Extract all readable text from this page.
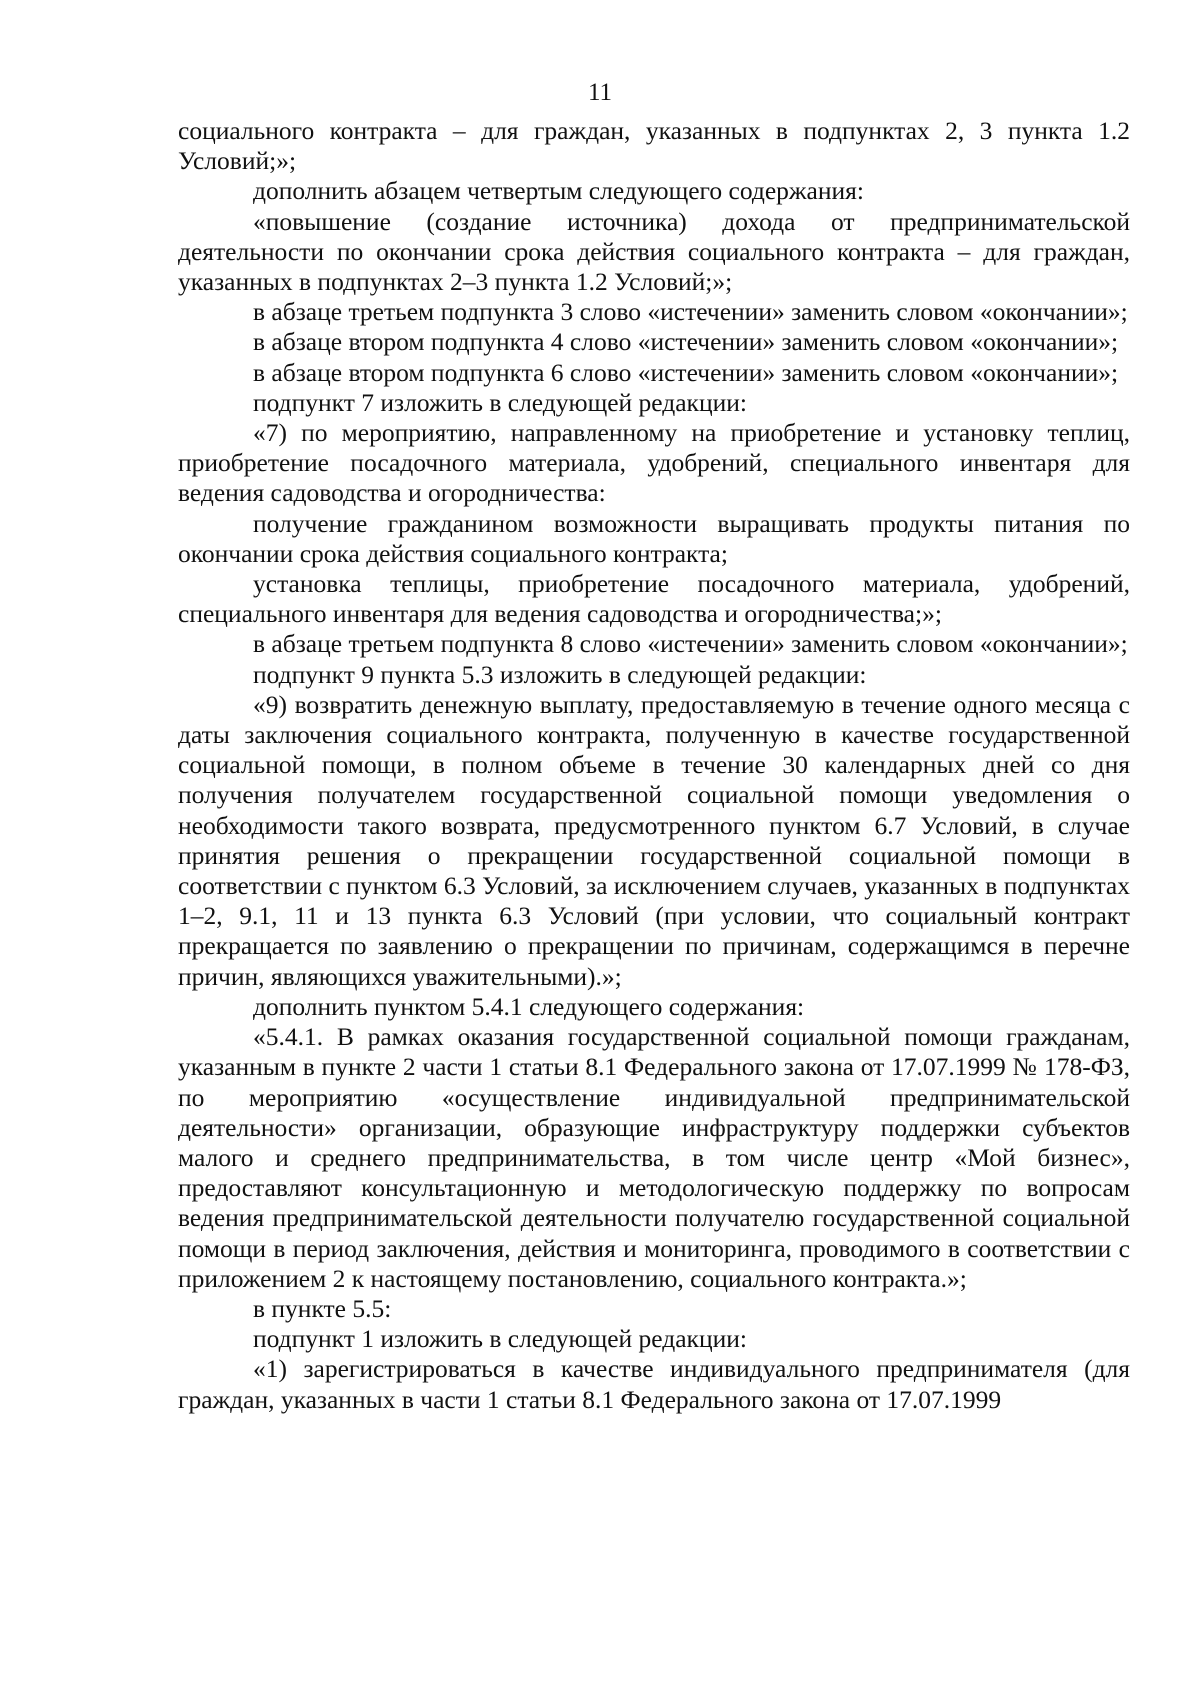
11

социального контракта – для граждан, указанных в подпунктах 2, 3 пункта 1.2 Условий;»;

дополнить абзацем четвертым следующего содержания:

«повышение (создание источника) дохода от предпринимательской деятельности по окончании срока действия социального контракта – для граждан, указанных в подпунктах 2–3 пункта 1.2 Условий;»;

в абзаце третьем подпункта 3 слово «истечении» заменить словом «окончании»;

в абзаце втором подпункта 4 слово «истечении» заменить словом «окончании»;

в абзаце втором подпункта 6 слово «истечении» заменить словом «окончании»;

подпункт 7 изложить в следующей редакции:

«7) по мероприятию, направленному на приобретение и установку теплиц, приобретение посадочного материала, удобрений, специального инвентаря для ведения садоводства и огородничества:

получение гражданином возможности выращивать продукты питания по окончании срока действия социального контракта;

установка теплицы, приобретение посадочного материала, удобрений, специального инвентаря для ведения садоводства и огородничества;»;

в абзаце третьем подпункта 8 слово «истечении» заменить словом «окончании»;

подпункт 9 пункта 5.3 изложить в следующей редакции:

«9) возвратить денежную выплату, предоставляемую в течение одного месяца с даты заключения социального контракта, полученную в качестве государственной социальной помощи, в полном объеме в течение 30 календарных дней со дня получения получателем государственной социальной помощи уведомления о необходимости такого возврата, предусмотренного пунктом 6.7 Условий, в случае принятия решения о прекращении государственной социальной помощи в соответствии с пунктом 6.3 Условий, за исключением случаев, указанных в подпунктах 1–2, 9.1, 11 и 13 пункта 6.3 Условий (при условии, что социальный контракт прекращается по заявлению о прекращении по причинам, содержащимся в перечне причин, являющихся уважительными).»;

дополнить пунктом 5.4.1 следующего содержания:

«5.4.1. В рамках оказания государственной социальной помощи гражданам, указанным в пункте 2 части 1 статьи 8.1 Федерального закона от 17.07.1999 № 178-ФЗ, по мероприятию «осуществление индивидуальной предпринимательской деятельности» организации, образующие инфраструктуру поддержки субъектов малого и среднего предпринимательства, в том числе центр «Мой бизнес», предоставляют консультационную и методологическую поддержку по вопросам ведения предпринимательской деятельности получателю государственной социальной помощи в период заключения, действия и мониторинга, проводимого в соответствии с приложением 2 к настоящему постановлению, социального контракта.»;

в пункте 5.5:

подпункт 1 изложить в следующей редакции:

«1) зарегистрироваться в качестве индивидуального предпринимателя (для граждан, указанных в части 1 статьи 8.1 Федерального закона от 17.07.1999
